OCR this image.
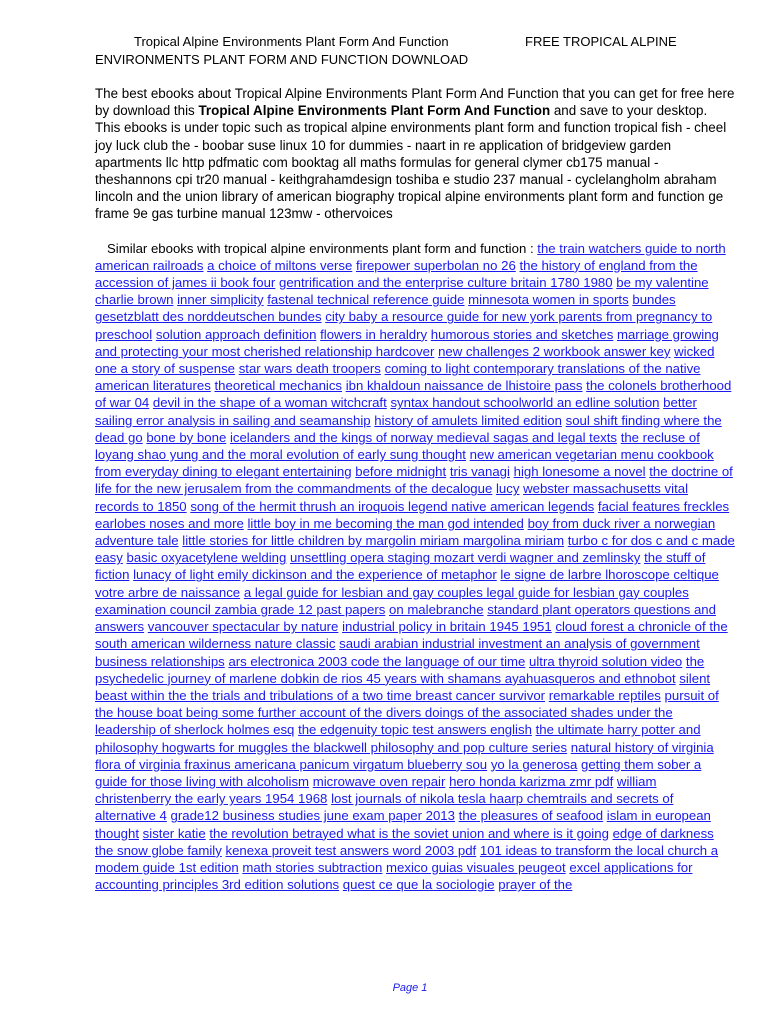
Tropical Alpine Environments Plant Form And Function	FREE TROPICAL ALPINE ENVIRONMENTS PLANT FORM AND FUNCTION DOWNLOAD
The best ebooks about Tropical Alpine Environments Plant Form And Function that you can get for free here by download this Tropical Alpine Environments Plant Form And Function and save to your desktop. This ebooks is under topic such as tropical alpine environments plant form and function tropical fish - cheel joy luck club the - boobar suse linux 10 for dummies - naart in re application of bridgeview garden apartments llc http pdfmatic com booktag all maths formulas for general clymer cb175 manual - theshannons cpi tr20 manual - keithgrahamdesign toshiba e studio 237 manual - cyclelangholm abraham lincoln and the union library of american biography tropical alpine environments plant form and function ge frame 9e gas turbine manual 123mw - othervoices
Similar ebooks with tropical alpine environments plant form and function : the train watchers guide to north american railroads a choice of miltons verse firepower superbolan no 26 the history of england from the accession of james ii book four gentrification and the enterprise culture britain 1780 1980 be my valentine charlie brown inner simplicity fastenal technical reference guide minnesota women in sports bundes gesetzblatt des norddeutschen bundes city baby a resource guide for new york parents from pregnancy to preschool solution approach definition flowers in heraldry humorous stories and sketches marriage growing and protecting your most cherished relationship hardcover new challenges 2 workbook answer key wicked one a story of suspense star wars death troopers coming to light contemporary translations of the native american literatures theoretical mechanics ibn khaldoun naissance de lhistoire pass the colonels brotherhood of war 04 devil in the shape of a woman witchcraft syntax handout schoolworld an edline solution better sailing error analysis in sailing and seamanship history of amulets limited edition soul shift finding where the dead go bone by bone icelanders and the kings of norway medieval sagas and legal texts the recluse of loyang shao yung and the moral evolution of early sung thought new american vegetarian menu cookbook from everyday dining to elegant entertaining before midnight tris vanagi high lonesome a novel the doctrine of life for the new jerusalem from the commandments of the decalogue lucy webster massachusetts vital records to 1850 song of the hermit thrush an iroquois legend native american legends facial features freckles earlobes noses and more little boy in me becoming the man god intended boy from duck river a norwegian adventure tale little stories for little children by margolin miriam margolina miriam turbo c for dos c and c made easy basic oxyacetylene welding unsettling opera staging mozart verdi wagner and zemlinsky the stuff of fiction lunacy of light emily dickinson and the experience of metaphor le signe de larbre lhoroscope celtique votre arbre de naissance a legal guide for lesbian and gay couples legal guide for lesbian gay couples examination council zambia grade 12 past papers on malebranche standard plant operators questions and answers vancouver spectacular by nature industrial policy in britain 1945 1951 cloud forest a chronicle of the south american wilderness nature classic saudi arabian industrial investment an analysis of government business relationships ars electronica 2003 code the language of our time ultra thyroid solution video the psychedelic journey of marlene dobkin de rios 45 years with shamans ayahuasqueros and ethnobot silent beast within the the trials and tribulations of a two time breast cancer survivor remarkable reptiles pursuit of the house boat being some further account of the divers doings of the associated shades under the leadership of sherlock holmes esq the edgenuity topic test answers english the ultimate harry potter and philosophy hogwarts for muggles the blackwell philosophy and pop culture series natural history of virginia flora of virginia fraxinus americana panicum virgatum blueberry sou yo la generosa getting them sober a guide for those living with alcoholism microwave oven repair hero honda karizma zmr pdf william christenberry the early years 1954 1968 lost journals of nikola tesla haarp chemtrails and secrets of alternative 4 grade12 business studies june exam paper 2013 the pleasures of seafood islam in european thought sister katie the revolution betrayed what is the soviet union and where is it going edge of darkness the snow globe family kenexa proveit test answers word 2003 pdf 101 ideas to transform the local church a modem guide 1st edition math stories subtraction mexico guias visuales peugeot excel applications for accounting principles 3rd edition solutions quest ce que la sociologie prayer of the
Page 1
